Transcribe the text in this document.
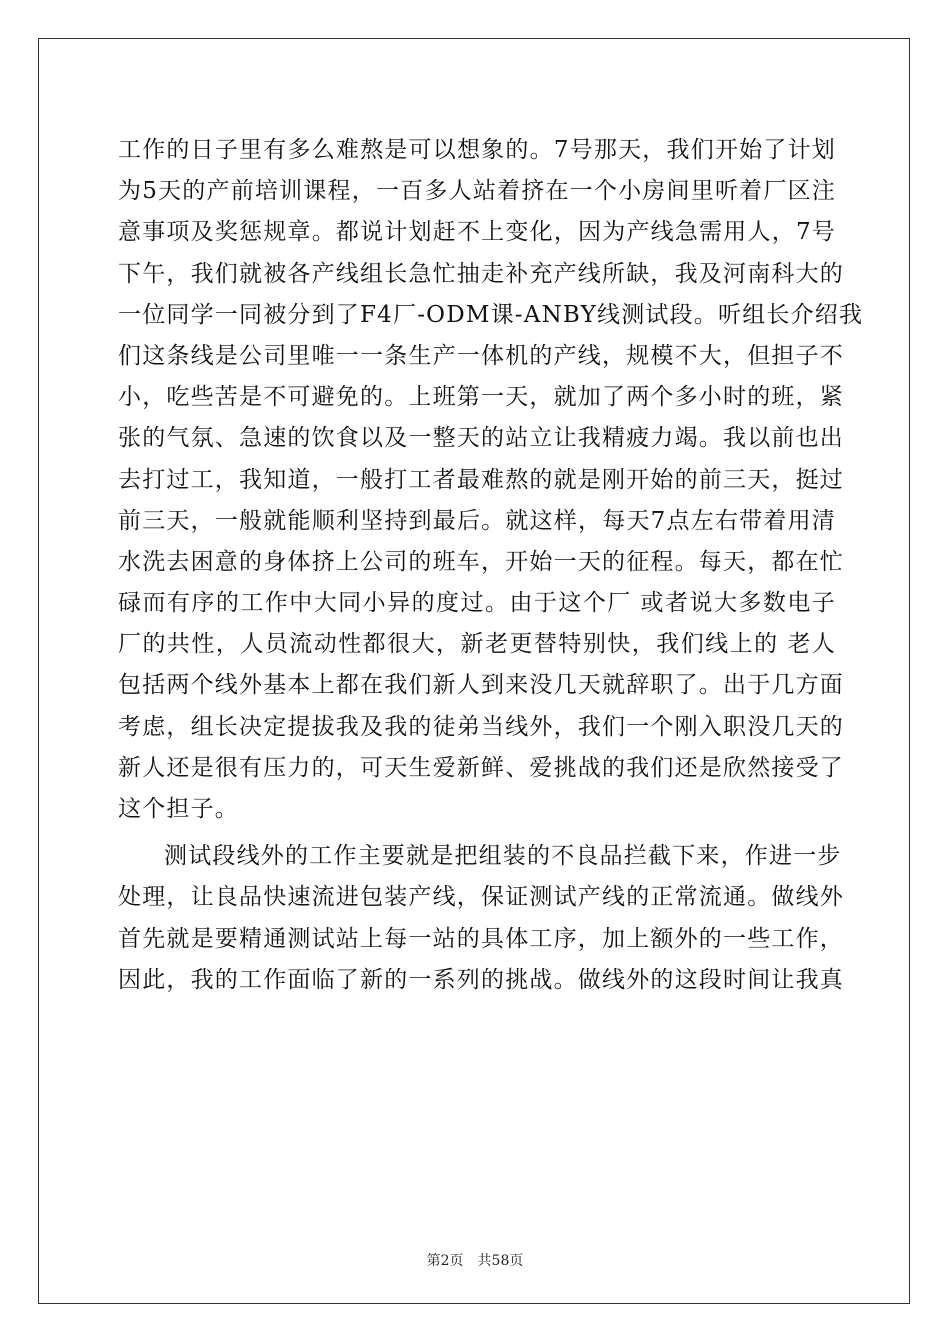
工作的日子里有多么难熬是可以想象的。7号那天，我们开始了计划
为5天的产前培训课程，一百多人站着挤在一个小房间里听着厂区注
意事项及奖惩规章。都说计划赶不上变化，因为产线急需用人，7号
下午，我们就被各产线组长急忙抽走补充产线所缺，我及河南科大的
一位同学一同被分到了F4厂-ODM课-ANBY线测试段。听组长介绍我
们这条线是公司里唯一一条生产一体机的产线，规模不大，但担子不
小，吃些苦是不可避免的。上班第一天，就加了两个多小时的班，紧
张的气氛、急速的饮食以及一整天的站立让我精疲力竭。我以前也出
去打过工，我知道，一般打工者最难熬的就是刚开始的前三天，挺过
前三天，一般就能顺利坚持到最后。就这样，每天7点左右带着用清
水洗去困意的身体挤上公司的班车，开始一天的征程。每天，都在忙
碌而有序的工作中大同小异的度过。由于这个厂 或者说大多数电子
厂的共性，人员流动性都很大，新老更替特别快，我们线上的 老人
包括两个线外基本上都在我们新人到来没几天就辞职了。出于几方面
考虑，组长决定提拔我及我的徒弟当线外，我们一个刚入职没几天的
新人还是很有压力的，可天生爱新鲜、爱挑战的我们还是欣然接受了
这个担子。
测试段线外的工作主要就是把组装的不良品拦截下来，作进一步
处理，让良品快速流进包装产线，保证测试产线的正常流通。做线外
首先就是要精通测试站上每一站的具体工序，加上额外的一些工作，
因此，我的工作面临了新的一系列的挑战。做线外的这段时间让我真
第2页 共58页
